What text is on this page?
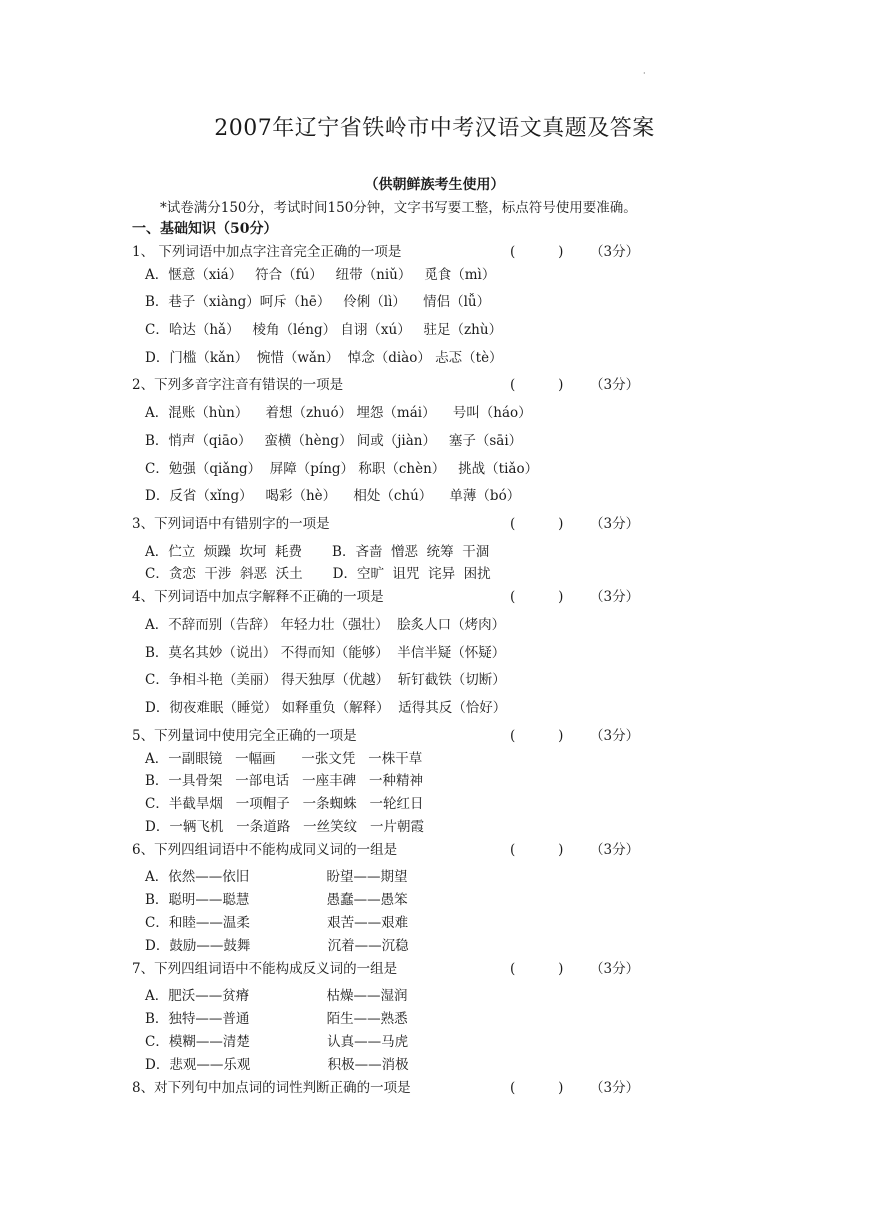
·
2007年辽宁省铁岭市中考汉语文真题及答案
（供朝鲜族考生使用）
*试卷满分150分，考试时间150分钟，文字书写要工整，标点符号使用要准确。
一、基础知识（50分）
1、 下列词语中加点字注音完全正确的一项是	(          ) （3分）
A．惬意（xiá）   符合（fú）   纽带（niǔ）   觅食（mì）
B．巷子（xiàng）呵斥（hē）   伶俐（lì）    情侣（lǚ）
C．哈达（hǎ）   棱角（léng） 自诩（xú）   驻足（zhù）
D．门槛（kǎn）  惋惜（wǎn）  悼念（diào） 忐忑（tè）
2、下列多音字注音有错误的一项是	(          ) （3分）
A．混账（hùn）    着想（zhuó） 埋怨（mái）    号叫（háo）
B．悄声（qiāo）   蛮横（hèng） 间或（jiàn）   塞子（sāi）
C．勉强（qiǎng）  屏障（píng） 称职（chèn）   挑战（tiǎo）
D．反省（xǐng）   喝彩（hè）    相处（chú）    单薄（bó）
3、下列词语中有错别字的一项是	(          ) （3分）
A．伫立  烦躁  坎坷  耗费       B．吝啬  憎恶  统筹  干涸
C．贪恋  干涉  斜恶  沃土       D．空旷  诅咒  诧异  困扰
4、下列词语中加点字解释不正确的一项是	(          ) （3分）
A．不辞而别（告辞） 年轻力壮（强壮）  脍炙人口（烤肉）
B．莫名其妙（说出） 不得而知（能够）  半信半疑（怀疑）
C．争相斗艳（美丽） 得天独厚（优越）  斩钉截铁（切断）
D．彻夜难眠（睡觉） 如释重负（解释）  适得其反（恰好）
5、下列量词中使用完全正确的一项是	(          ) （3分）
A．一副眼镜   一幅画      一张文凭   一株干草
B．一具骨架   一部电话   一座丰碑   一种精神
C．半截旱烟   一项帽子   一条蜘蛛   一轮红日
D．一辆飞机   一条道路   一丝笑纹   一片朝霞
6、下列四组词语中不能构成同义词的一组是	(          ) （3分）
A．依然——依旧                  盼望——期望
B．聪明——聪慧                  愚蠢——愚笨
C．和睦——温柔                  艰苦——艰难
D．鼓励——鼓舞                  沉着——沉稳
7、下列四组词语中不能构成反义词的一组是	(          ) （3分）
A．肥沃——贫瘠                  枯燥——湿润
B．独特——普通                  陌生——熟悉
C．模糊——清楚                  认真——马虎
D．悲观——乐观                  积极——消极
8、对下列句中加点词的词性判断正确的一项是	(          ) （3分）
